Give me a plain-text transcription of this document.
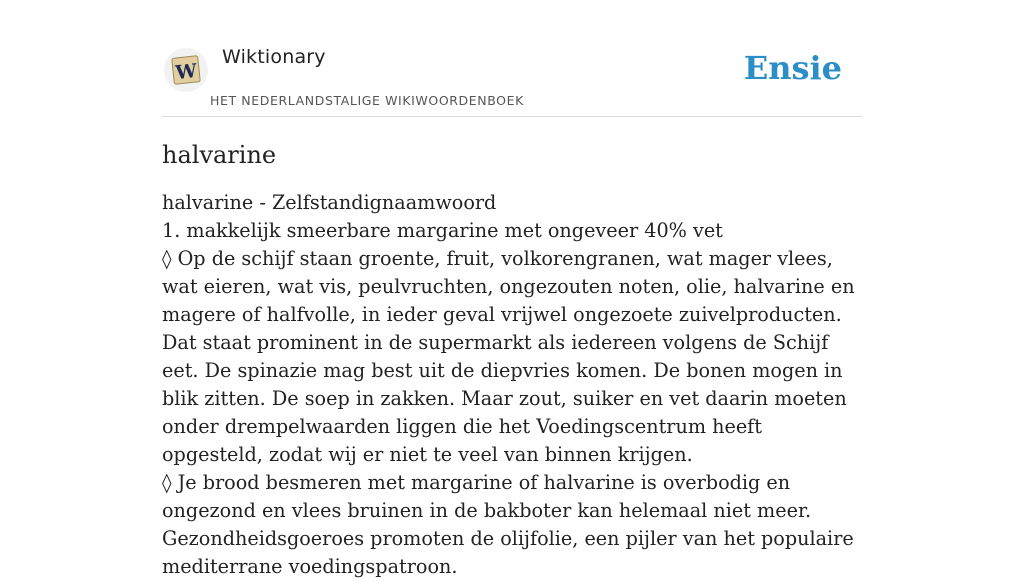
W
Wiktionary
HET NEDERLANDSTALIGE WIKIWOORDENBOEK
Ensie
halvarine

halvarine - Zelfstandignaamwoord

1. makkelijk smeerbare margarine met ongeveer 40% vet

◊ Op de schijf staan groente, fruit, volkorengranen, wat mager vlees, wat eieren, wat vis, peulvruchten, ongezouten noten, olie, halvarine en magere of halfvolle, in ieder geval vrijwel ongezoete zuivelproducten. Dat staat prominent in de supermarkt als iedereen volgens de Schijf eet. De spinazie mag best uit de diepvries komen. De bonen mogen in blik zitten. De soep in zakken. Maar zout, suiker en vet daarin moeten onder drempelwaarden liggen die het Voedingscentrum heeft opgesteld, zodat wij er niet te veel van binnen krijgen.

◊ Je brood besmeren met margarine of halvarine is overbodig en ongezond en vlees bruinen in de bakboter kan helemaal niet meer. Gezondheidsgoeroes promoten de olijfolie, een pijler van het populaire mediterrane voedingspatroon.
